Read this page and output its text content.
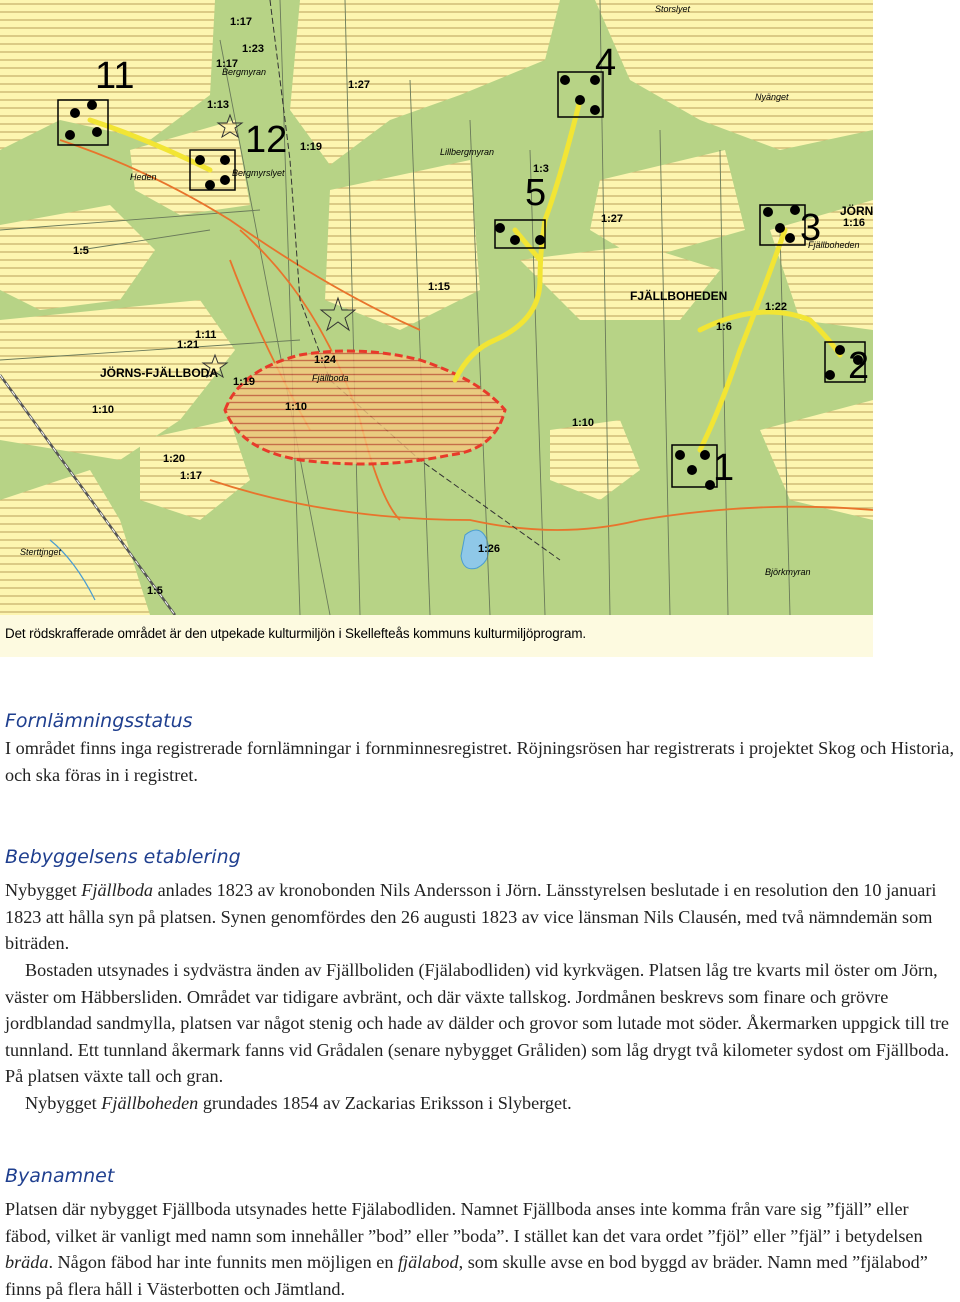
11
12
4
5
3
2
1
Storslyet
Nyänget
Bergmyran
Bergmyrslyet
Heden
Lillbergmyran
Fjällboheden
Fjällboda
Sterttjnget
Björkmyran
FJÄLLBOHEDEN
JÖRN
JÖRNS-FJÄLLBODA
1:17
1:23
1:17
1:27
1:13
1:19
1:5
1:3
1:27	1:16
1:15
1:22
1:6
1:11
1:21
1:24
1:19
1:10	1:10
1:10
1:20
1:17
1:26
1:5
Det rödskrafferade området är den utpekade kulturmiljön i Skellefteås kommuns kulturmiljöprogram.
Fornlämningsstatus

I området finns inga registrerade fornlämningar i fornminnesregistret. Röjningsrösen har registrerats i projektet Skog och Historia, och ska föras in i registret.

Bebyggelsens etablering

Nybygget Fjällboda anlades 1823 av kronobonden Nils Andersson i Jörn. Länsstyrelsen beslutade i en resolution den 10 januari 1823 att hålla syn på platsen. Synen genomfördes den 26 augusti 1823 av vice länsman Nils Clausén, med två nämndemän som biträden.

Bostaden utsynades i sydvästra änden av Fjällboliden (Fjälabodliden) vid kyrkvägen. Platsen låg tre kvarts mil öster om Jörn, väster om Häbbersliden. Området var tidigare avbränt, och där växte tallskog. Jordmånen beskrevs som finare och grövre jordblandad sandmylla, platsen var något stenig och hade av dälder och grovor som lutade mot söder. Åkermarken uppgick till tre tunnland. Ett tunnland åkermark fanns vid Grådalen (senare nybygget Gråliden) som låg drygt två kilometer sydost om Fjällboda. På platsen växte tall och gran.

Nybygget Fjällboheden grundades 1854 av Zackarias Eriksson i Slyberget.

Byanamnet

Platsen där nybygget Fjällboda utsynades hette Fjälabodliden. Namnet Fjällboda anses inte komma från vare sig ”fjäll” eller fäbod, vilket är vanligt med namn som innehåller ”bod” eller ”boda”. I stället kan det vara ordet ”fjöl” eller ”fjäl” i betydelsen bräda. Någon fäbod har inte funnits men möjligen en fjälabod, som skulle avse en bod byggd av bräder. Namn med ”fjälabod” finns på flera håll i Västerbotten och Jämtland.
